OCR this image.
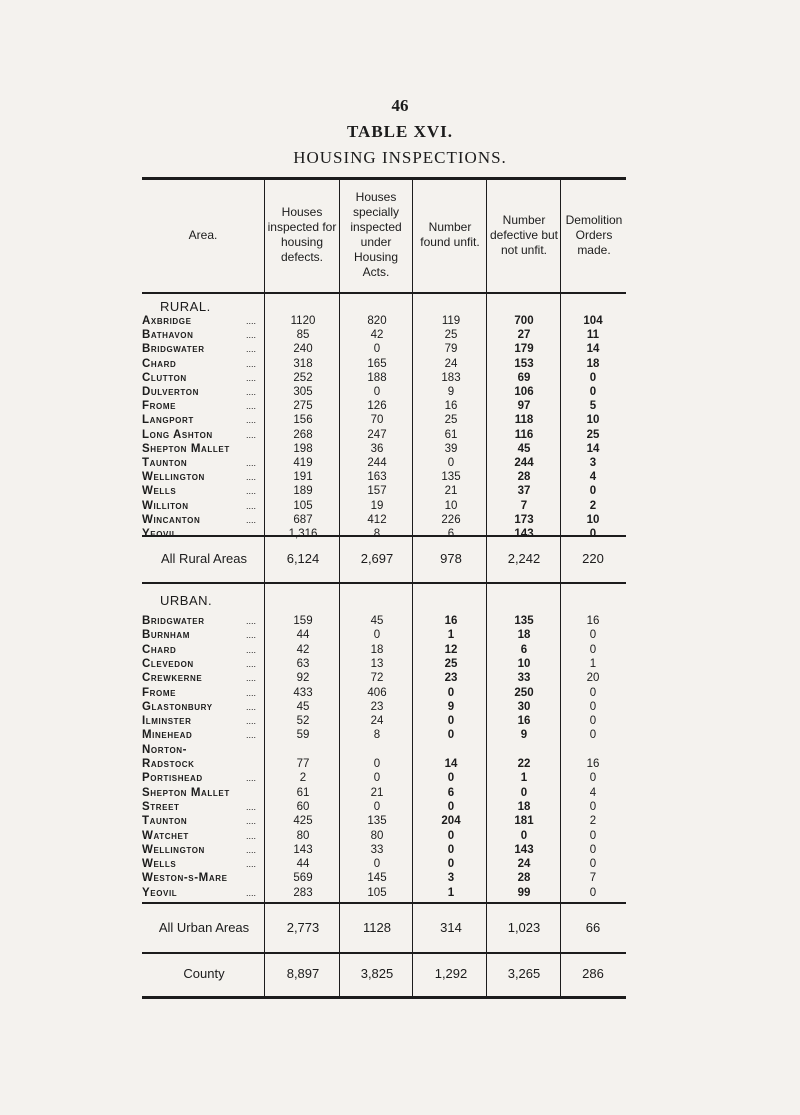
46
TABLE XVI.
HOUSING INSPECTIONS.
Area.
Houses inspected for housing defects.
Houses specially inspected under Housing Acts.
Number found unfit.
Number defective but not unfit.
Demolition Orders made.
RURAL.
Axbridge	....	1120	820	119	700	104
Bathavon	....	85	42	25	27	11
Bridgwater	....	240	0	79	179	14
Chard	....	318	165	24	153	18
Clutton	....	252	188	183	69	0
Dulverton	....	305	0	9	106	0
Frome	....	275	126	16	97	5
Langport	....	156	70	25	118	10
Long Ashton	....	268	247	61	116	25
Shepton Mallet	198	36	39	45	14
Taunton	....	419	244	0	244	3
Wellington	....	191	163	135	28	4
Wells	....	189	157	21	37	0
Williton	....	105	19	10	7	2
Wincanton	....	687	412	226	173	10
Yeovil	....	1,316	8	6	143	0
All Rural Areas	6,124	2,697	978	2,242	220
URBAN.
Bridgwater	....	159	45	16	135	16
Burnham	....	44	0	1	18	0
Chard	....	42	18	12	6	0
Clevedon	....	63	13	25	10	1
Crewkerne	....	92	72	23	33	20
Frome	....	433	406	0	250	0
Glastonbury	....	45	23	9	30	0
Ilminster	....	52	24	0	16	0
Minehead	....	59	8	0	9	0
Norton-
Radstock	77	0	14	22	16
Portishead	....	2	0	0	1	0
Shepton Mallet	61	21	6	0	4
Street	....	60	0	0	18	0
Taunton	....	425	135	204	181	2
Watchet	....	80	80	0	0	0
Wellington	....	143	33	0	143	0
Wells	....	44	0	0	24	0
Weston-s-Mare	569	145	3	28	7
Yeovil	....	283	105	1	99	0
All Urban Areas	2,773	1128	314	1,023	66
County	8,897	3,825	1,292	3,265	286
